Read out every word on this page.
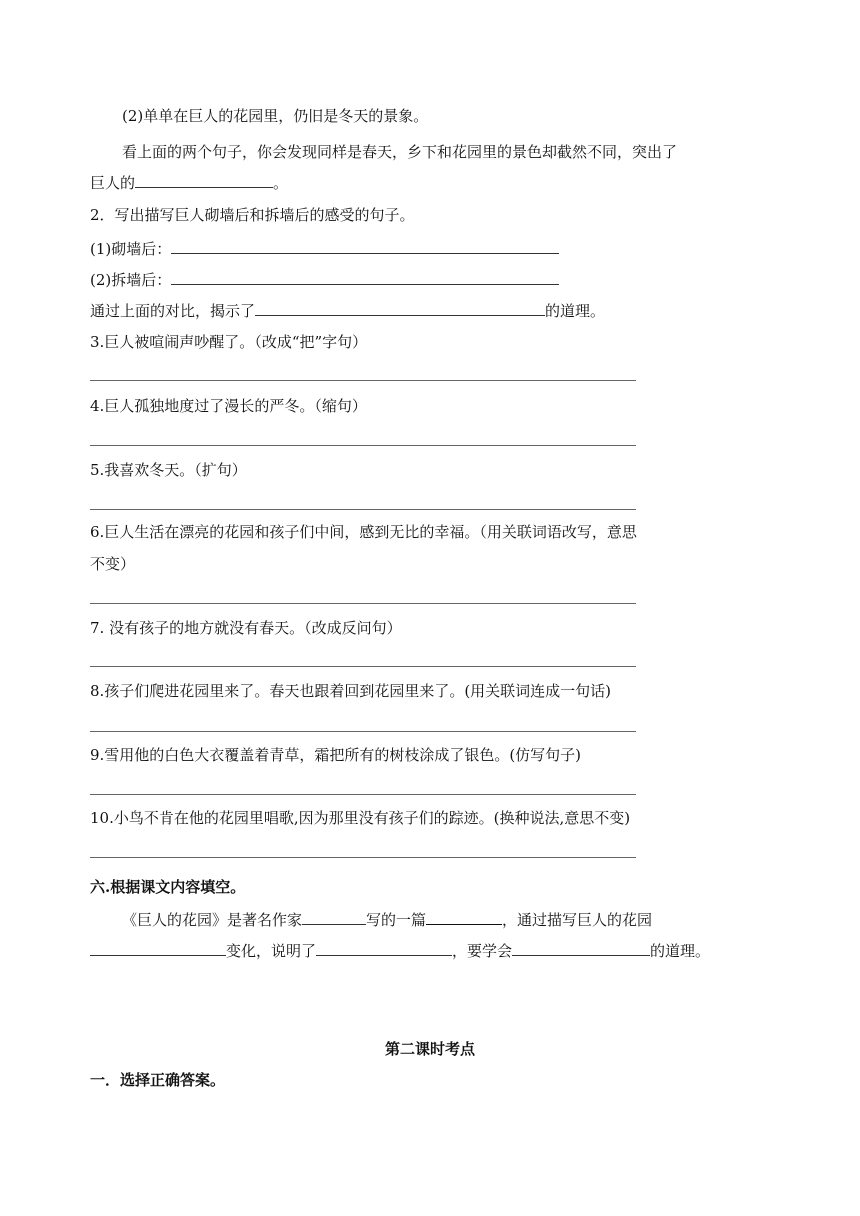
(2)单单在巨人的花园里，仍旧是冬天的景象。
看上面的两个句子，你会发现同样是春天，乡下和花园里的景色却截然不同，突出了
巨人的	。
2．写出描写巨人砌墙后和拆墙后的感受的句子。
(1)砌墙后：
(2)拆墙后：
通过上面的对比，揭示了	的道理。
3.巨人被喧闹声吵醒了。（改成“把”字句）
4.巨人孤独地度过了漫长的严冬。（缩句）
5.我喜欢冬天。（扩句）
6.巨人生活在漂亮的花园和孩子们中间，感到无比的幸福。（用关联词语改写，意思
不变）
7. 没有孩子的地方就没有春天。（改成反问句）
8.孩子们爬进花园里来了。春天也跟着回到花园里来了。(用关联词连成一句话)
9.雪用他的白色大衣覆盖着青草，霜把所有的树枝涂成了银色。(仿写句子)
10.小鸟不肯在他的花园里唱歌,因为那里没有孩子们的踪迹。(换种说法,意思不变)
六.根据课文内容填空。
《巨人的花园》是著名作家	写的一篇	，通过描写巨人的花园
变化，说明了	，要学会	的道理。
第二课时考点
一．选择正确答案。
